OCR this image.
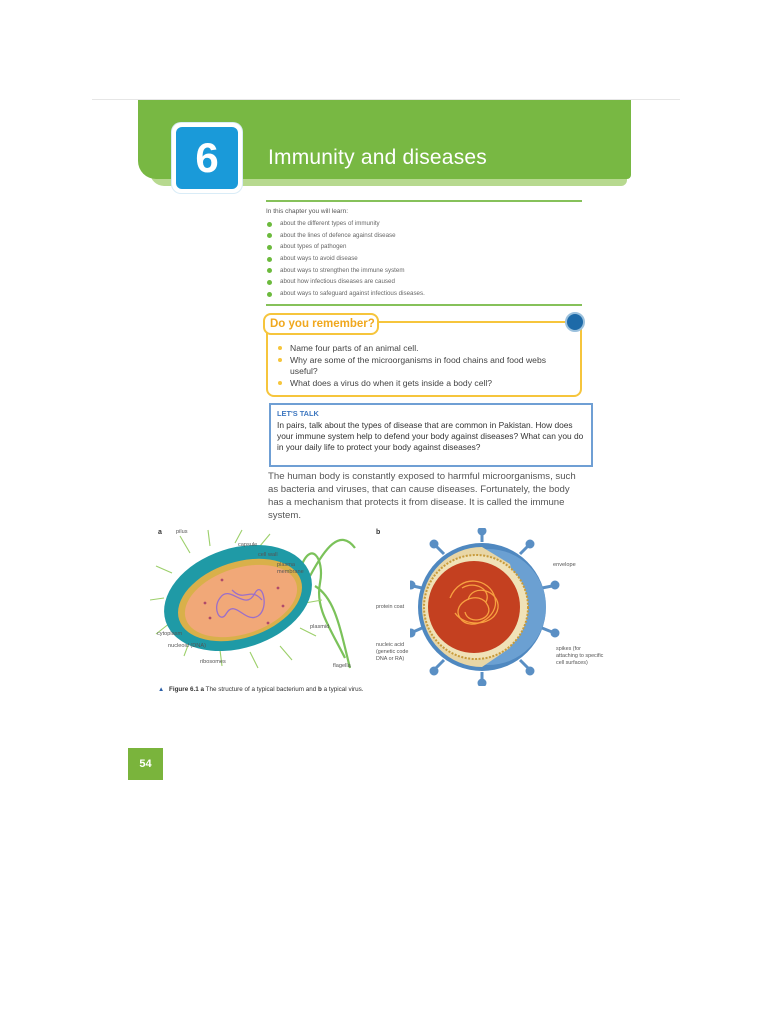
6	Immunity and diseases
In this chapter you will learn:
about the different types of immunity
about the lines of defence against disease
about types of pathogen
about ways to avoid disease
about ways to strengthen the immune system
about how infectious diseases are caused
about ways to safeguard against infectious diseases.
Do you remember?
Name four parts of an animal cell.
Why are some of the microorganisms in food chains and food webs useful?
What does a virus do when it gets inside a body cell?
LET'S TALK
In pairs, talk about the types of disease that are common in Pakistan. How does your immune system help to defend your body against diseases? What can you do in your daily life to protect your body against diseases?
The human body is constantly exposed to harmful microorganisms, such as bacteria and viruses, that can cause diseases. Fortunately, the body has a mechanism that protects it from disease. It is called the immune system.
a	pilus
capsule
cell wall
plasma membrane
plasmid
cytoplasm
nucleoid (DNA)
ribosomes
flagella
b
envelope
protein coat
nucleic acid (genetic code DNA or RA)
spikes (for attaching to specific cell surfaces)
▲ Figure 6.1 a The structure of a typical bacterium and b a typical virus.
54
